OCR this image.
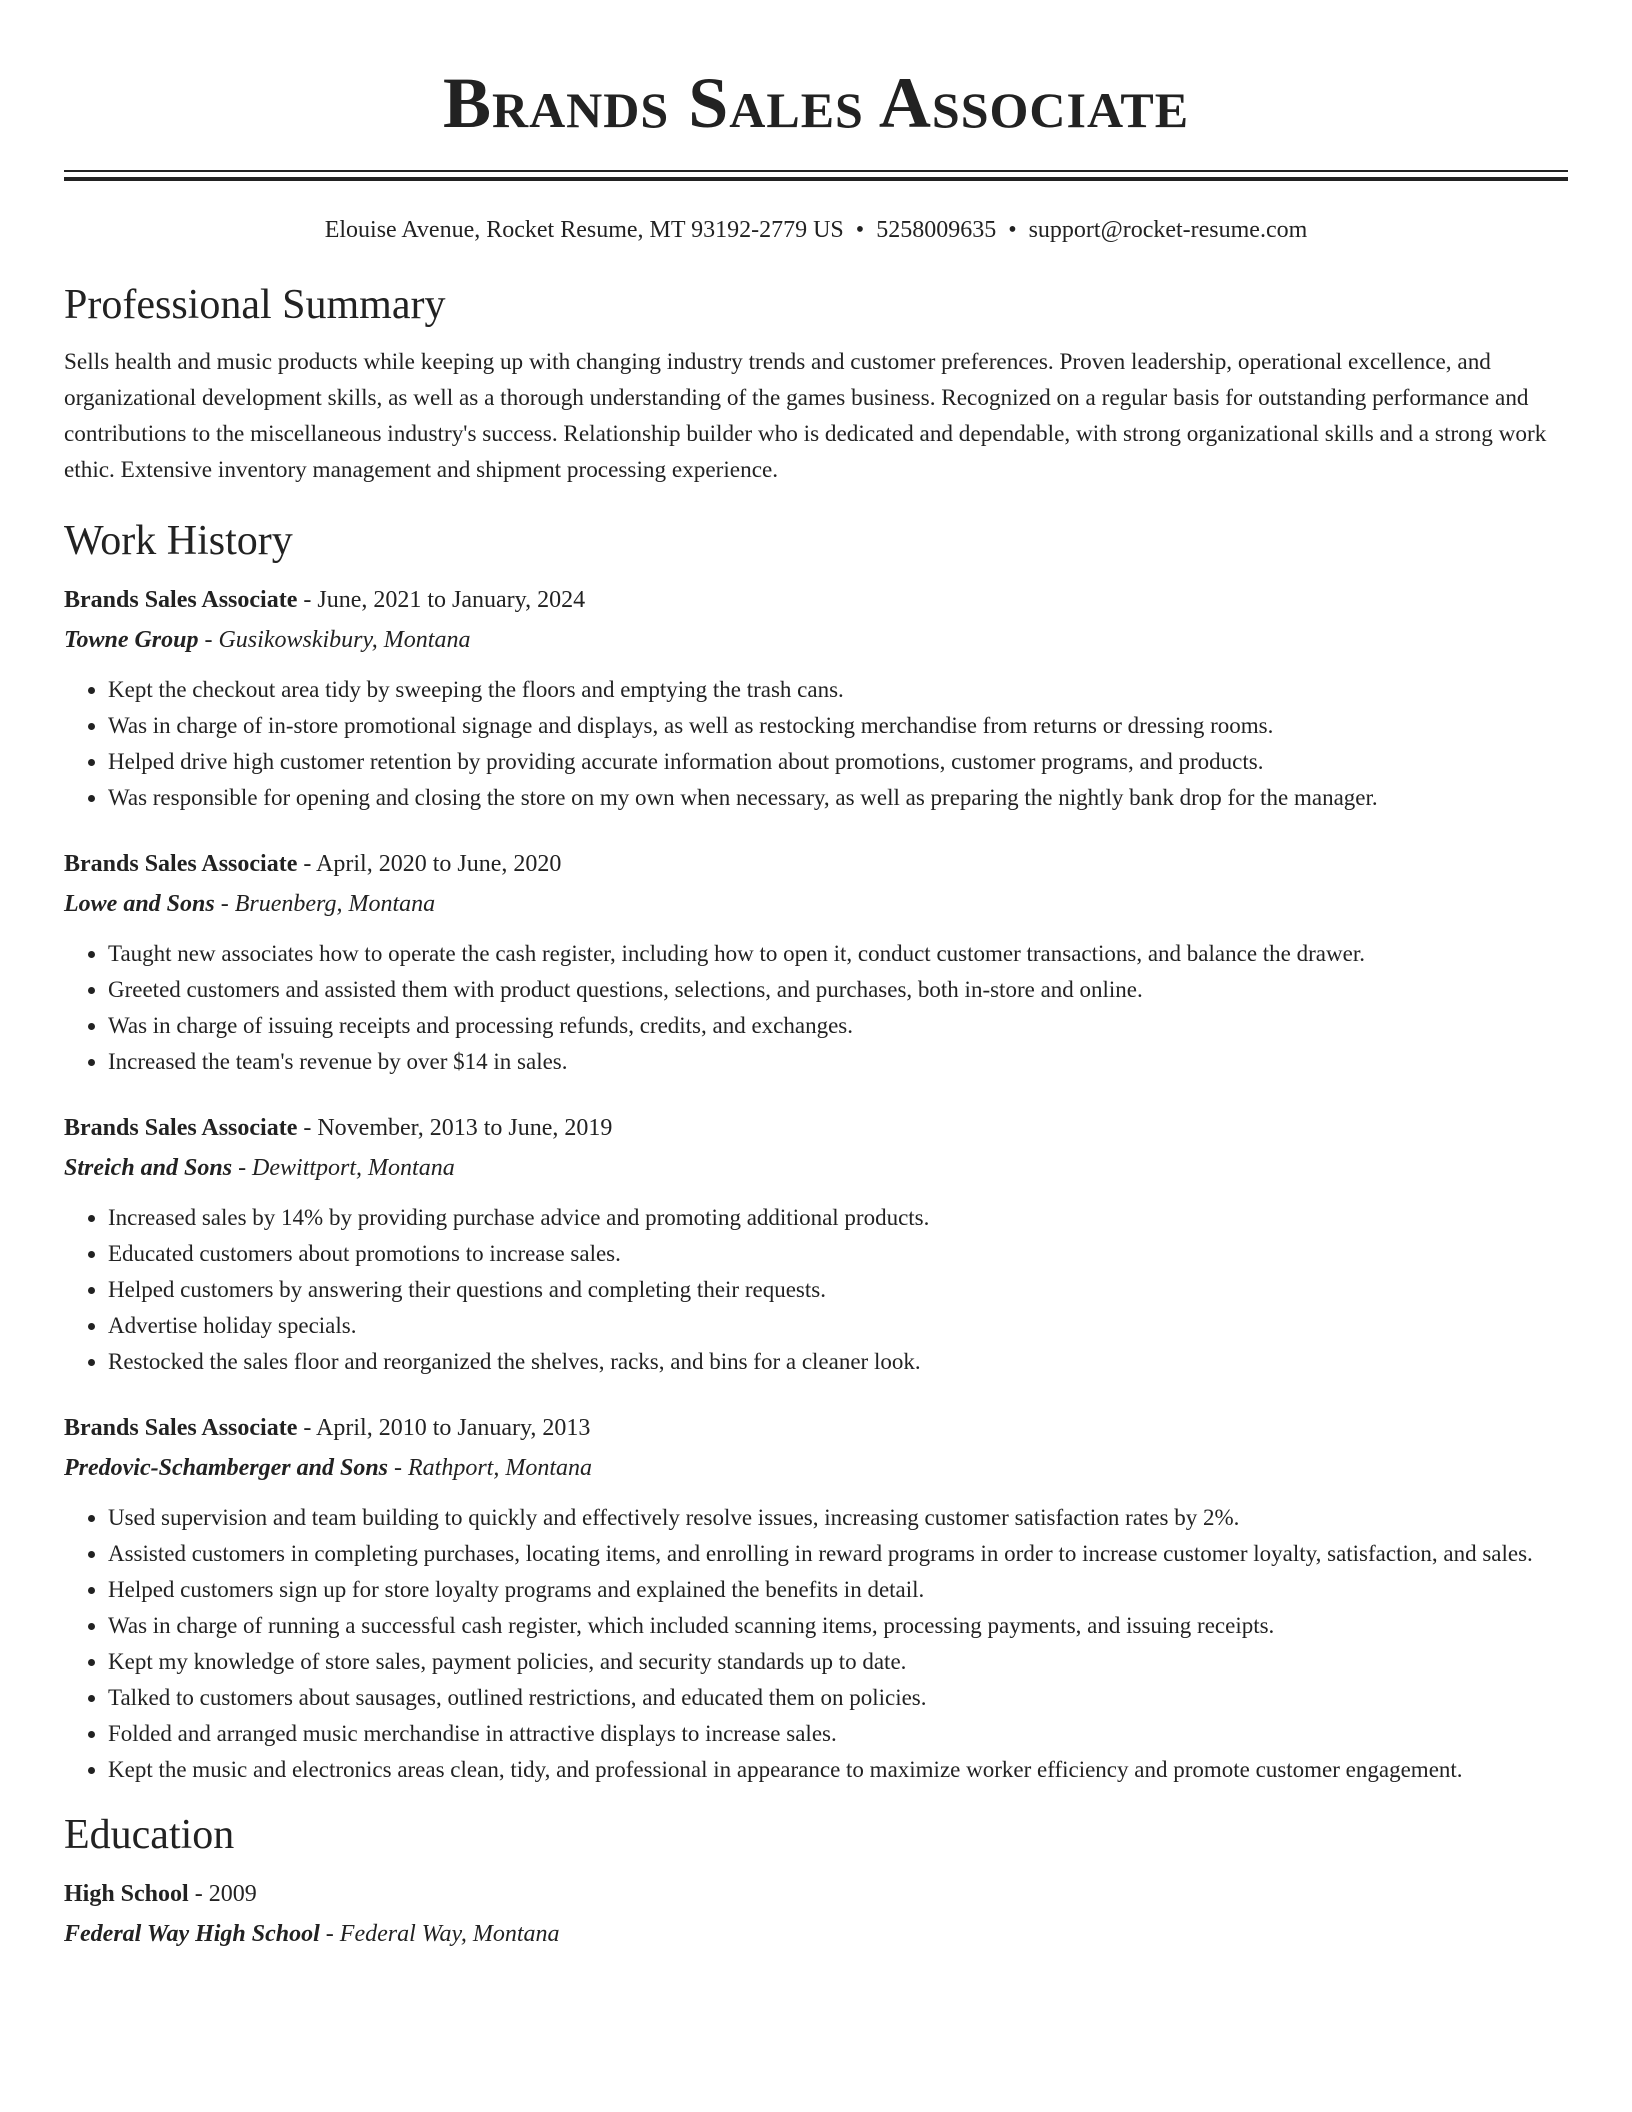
Brands Sales Associate
Elouise Avenue, Rocket Resume, MT 93192-2779 US • 5258009635 • support@rocket-resume.com
Professional Summary

Sells health and music products while keeping up with changing industry trends and customer preferences. Proven leadership, operational excellence, and organizational development skills, as well as a thorough understanding of the games business. Recognized on a regular basis for outstanding performance and contributions to the miscellaneous industry's success. Relationship builder who is dedicated and dependable, with strong organizational skills and a strong work ethic. Extensive inventory management and shipment processing experience.

Work History
Brands Sales Associate - June, 2021 to January, 2024
Towne Group - Gusikowskibury, Montana
• Kept the checkout area tidy by sweeping the floors and emptying the trash cans.
• Was in charge of in-store promotional signage and displays, as well as restocking merchandise from returns or dressing rooms.
• Helped drive high customer retention by providing accurate information about promotions, customer programs, and products.
• Was responsible for opening and closing the store on my own when necessary, as well as preparing the nightly bank drop for the manager.
Brands Sales Associate - April, 2020 to June, 2020
Lowe and Sons - Bruenberg, Montana
• Taught new associates how to operate the cash register, including how to open it, conduct customer transactions, and balance the drawer.
• Greeted customers and assisted them with product questions, selections, and purchases, both in-store and online.
• Was in charge of issuing receipts and processing refunds, credits, and exchanges.
• Increased the team's revenue by over $14 in sales.
Brands Sales Associate - November, 2013 to June, 2019
Streich and Sons - Dewittport, Montana
• Increased sales by 14% by providing purchase advice and promoting additional products.
• Educated customers about promotions to increase sales.
• Helped customers by answering their questions and completing their requests.
• Advertise holiday specials.
• Restocked the sales floor and reorganized the shelves, racks, and bins for a cleaner look.
Brands Sales Associate - April, 2010 to January, 2013
Predovic-Schamberger and Sons - Rathport, Montana
• Used supervision and team building to quickly and effectively resolve issues, increasing customer satisfaction rates by 2%.
• Assisted customers in completing purchases, locating items, and enrolling in reward programs in order to increase customer loyalty, satisfaction, and sales.
• Helped customers sign up for store loyalty programs and explained the benefits in detail.
• Was in charge of running a successful cash register, which included scanning items, processing payments, and issuing receipts.
• Kept my knowledge of store sales, payment policies, and security standards up to date.
• Talked to customers about sausages, outlined restrictions, and educated them on policies.
• Folded and arranged music merchandise in attractive displays to increase sales.
• Kept the music and electronics areas clean, tidy, and professional in appearance to maximize worker efficiency and promote customer engagement.
Education
High School - 2009
Federal Way High School - Federal Way, Montana
